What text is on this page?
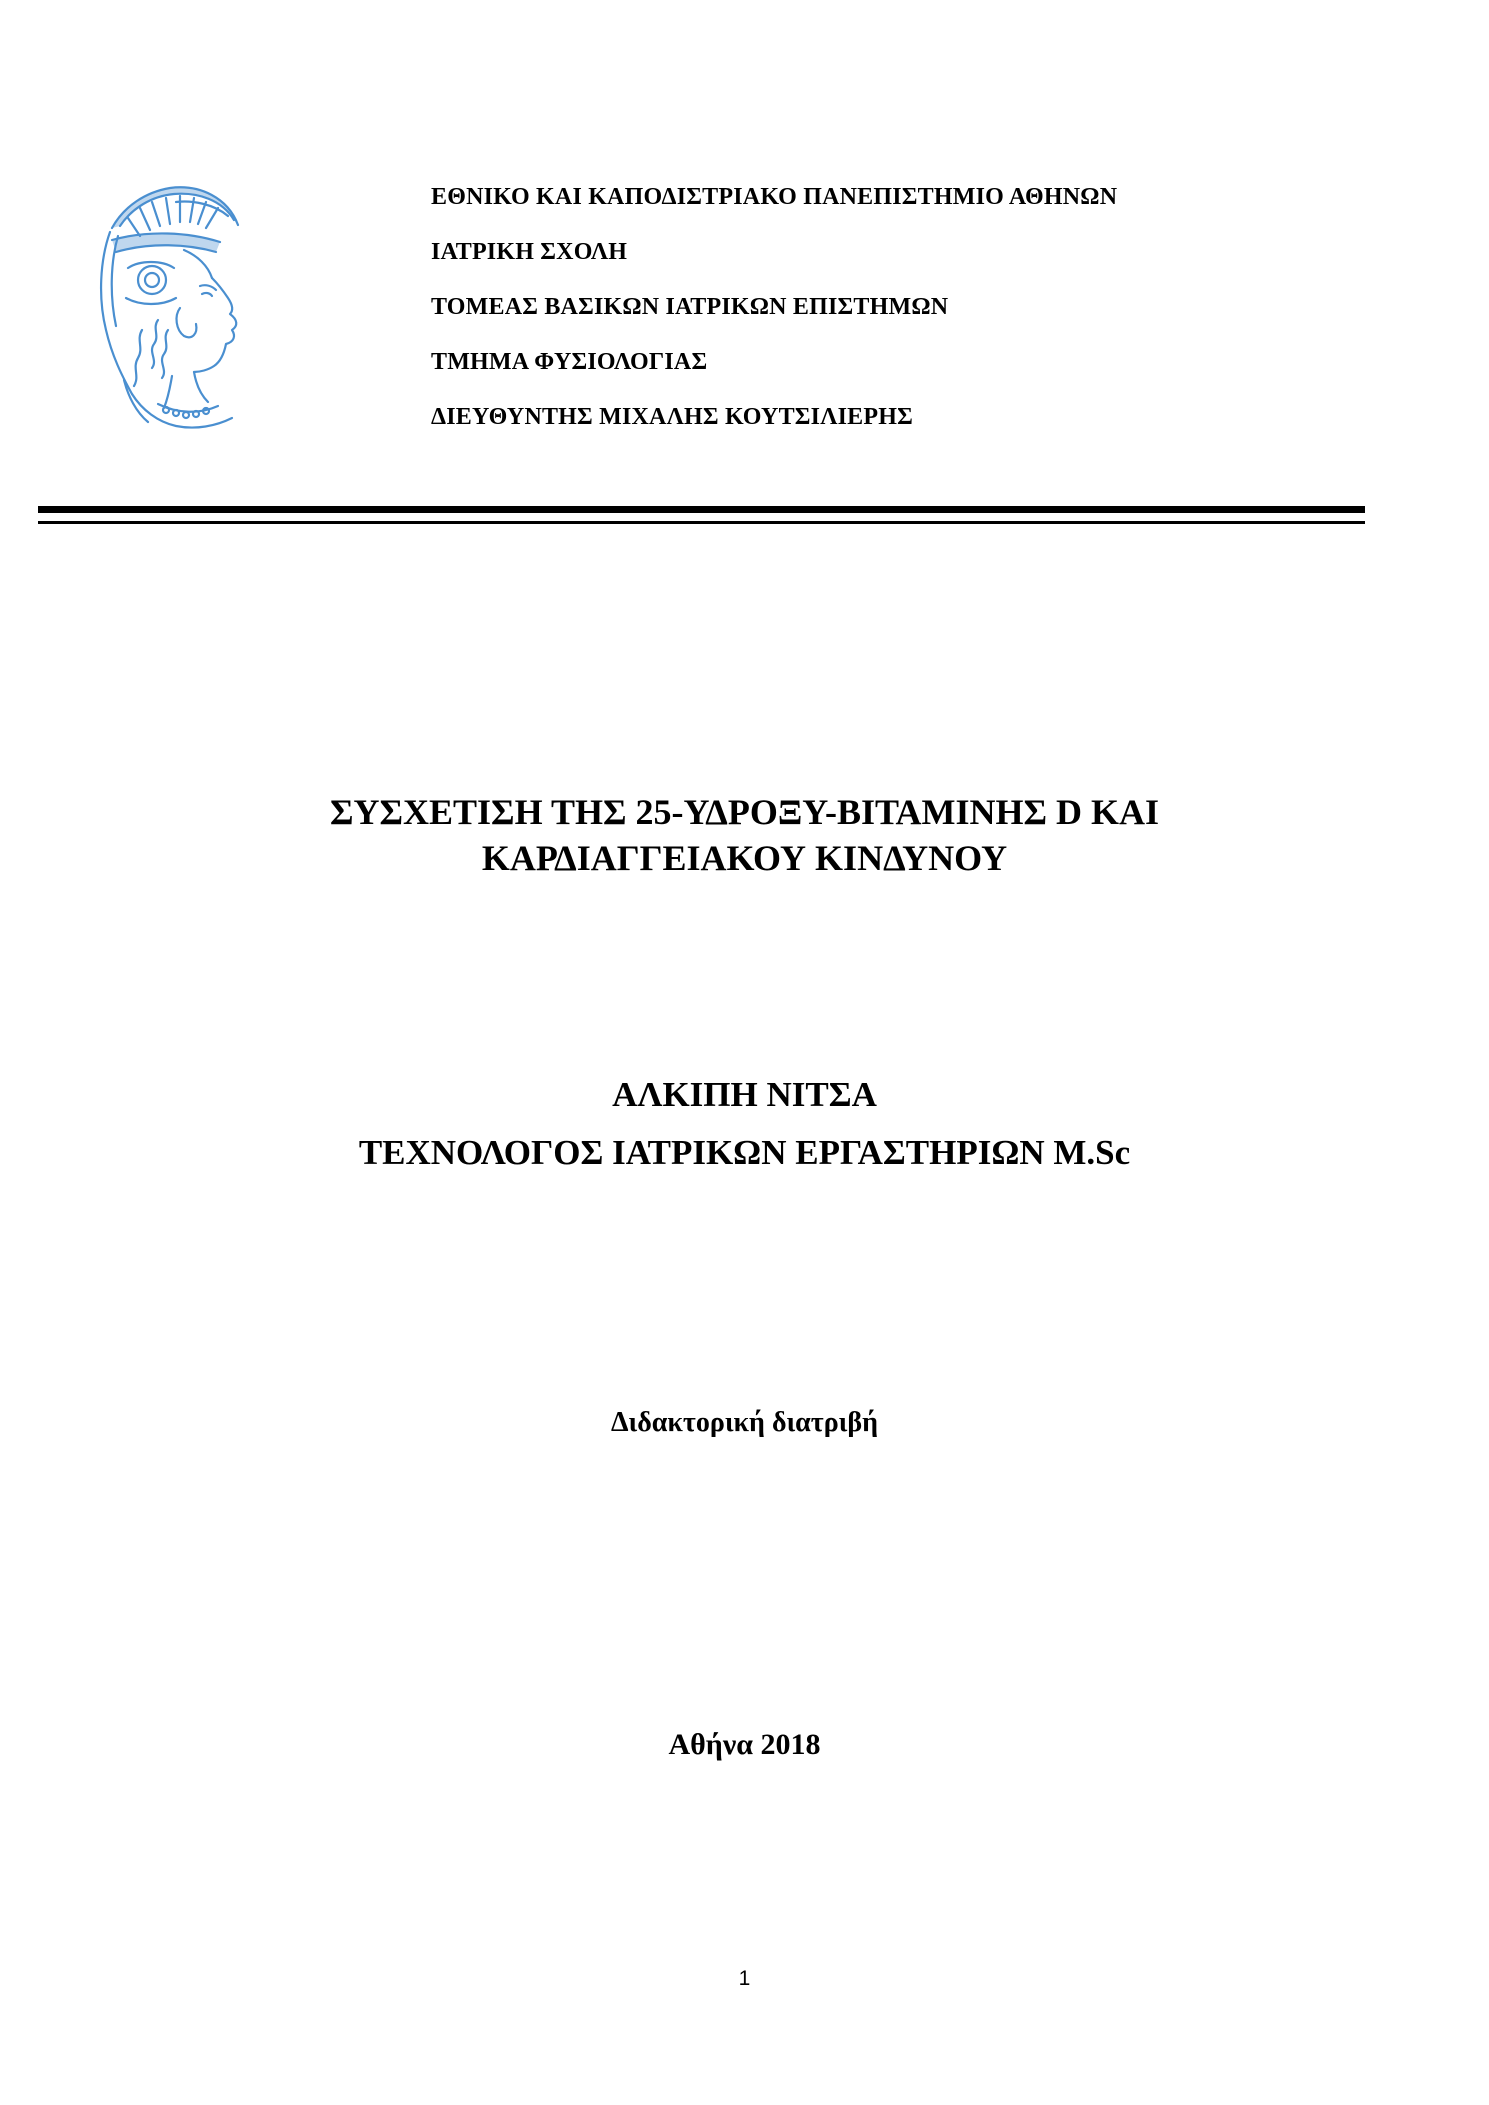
ΕΘΝΙΚΟ ΚΑΙ ΚΑΠΟΔΙΣΤΡΙΑΚΟ ΠΑΝΕΠΙΣΤΗΜΙΟ ΑΘΗΝΩΝ
ΙΑΤΡΙΚΗ ΣΧΟΛΗ
ΤΟΜΕΑΣ ΒΑΣΙΚΩΝ ΙΑΤΡΙΚΩΝ ΕΠΙΣΤΗΜΩΝ
ΤΜΗΜΑ ΦΥΣΙΟΛΟΓΙΑΣ
ΔΙΕΥΘΥΝΤΗΣ ΜΙΧΑΛΗΣ ΚΟΥΤΣΙΛΙΕΡΗΣ
ΣΥΣΧΕΤΙΣΗ ΤΗΣ 25-ΥΔΡΟΞΥ-ΒΙΤΑΜΙΝΗΣ D ΚΑΙ
ΚΑΡΔΙΑΓΓΕΙΑΚΟΥ ΚΙΝΔΥΝΟΥ
ΑΛΚΙΠΗ ΝΙΤΣΑ
ΤΕΧΝΟΛΟΓΟΣ ΙΑΤΡΙΚΩΝ ΕΡΓΑΣΤΗΡΙΩΝ M.Sc
Διδακτορική διατριβή
Αθήνα 2018
1
